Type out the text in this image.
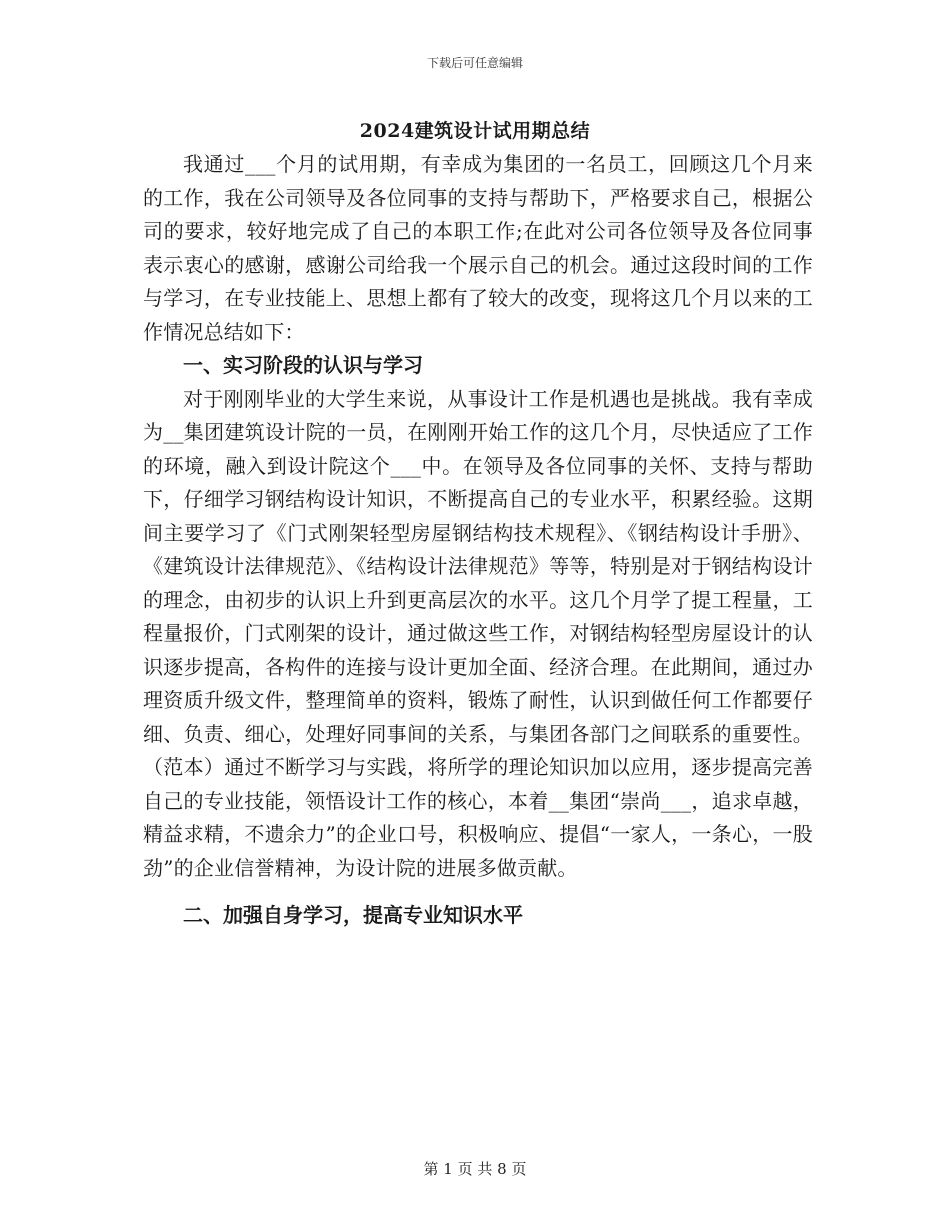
下载后可任意编辑
2024建筑设计试用期总结

我通过___个月的试用期，有幸成为集团的一名员工，回顾这几个月来的工作，我在公司领导及各位同事的支持与帮助下，严格要求自己，根据公司的要求，较好地完成了自己的本职工作;在此对公司各位领导及各位同事表示衷心的感谢，感谢公司给我一个展示自己的机会。通过这段时间的工作与学习，在专业技能上、思想上都有了较大的改变，现将这几个月以来的工作情况总结如下：

一、实习阶段的认识与学习

对于刚刚毕业的大学生来说，从事设计工作是机遇也是挑战。我有幸成为__集团建筑设计院的一员，在刚刚开始工作的这几个月，尽快适应了工作的环境，融入到设计院这个___中。在领导及各位同事的关怀、支持与帮助下，仔细学习钢结构设计知识，不断提高自己的专业水平，积累经验。这期间主要学习了《门式刚架轻型房屋钢结构技术规程》、《钢结构设计手册》、《建筑设计法律规范》、《结构设计法律规范》等等，特别是对于钢结构设计的理念，由初步的认识上升到更高层次的水平。这几个月学了提工程量，工程量报价，门式刚架的设计，通过做这些工作，对钢结构轻型房屋设计的认识逐步提高，各构件的连接与设计更加全面、经济合理。在此期间，通过办理资质升级文件，整理简单的资料，锻炼了耐性，认识到做任何工作都要仔细、负责、细心，处理好同事间的关系，与集团各部门之间联系的重要性。（范本）通过不断学习与实践，将所学的理论知识加以应用，逐步提高完善自己的专业技能，领悟设计工作的核心，本着__集团“崇尚___，追求卓越，精益求精，不遗余力”的企业口号，积极响应、提倡“一家人，一条心，一股劲”的企业信誉精神，为设计院的进展多做贡献。

二、加强自身学习，提高专业知识水平

第 1 页 共 8 页
